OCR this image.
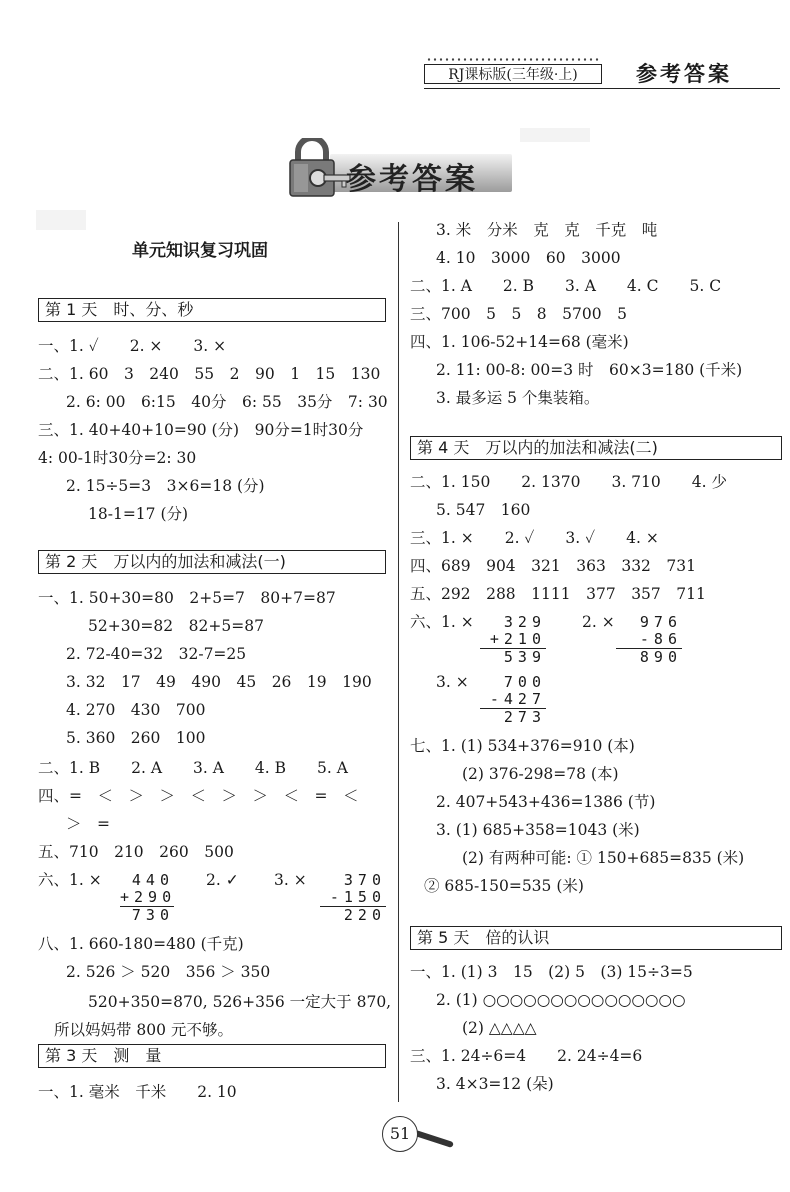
RJ课标版(三年级·上)	参考答案
参考答案
单元知识复习巩固
第 1 天　时、分、秒
一、1. ✓　　2. ×　　3. ×
二、1. 60　3　240　55　2　90　1　15　130
2. 6: 00　6:15　40分　6: 55　35分　7: 30
三、1. 40+40+10=90 (分)　90分=1时30分
4: 00-1时30分=2: 30
2. 15÷5=3　3×6=18 (分)
18-1=17 (分)
第 2 天　万以内的加法和减法(一)
一、1. 50+30=80　2+5=7　80+7=87
52+30=82　82+5=87
2. 72-40=32　32-7=25
3. 32　17　49　490　45　26　19　190
4. 270　430　700
5. 360　260　100
二、1. B　　2. A　　3. A　　4. B　　5. A
四、=　＜　＞　＞　＜　＞　＞　＜　=　＜
＞　=
五、710　210　260　500
六、1. ×	440
+290
730
2. ✓ 3. ×	370
-150
220
八、1. 660-180=480 (千克)
2. 526 ＞ 520　356 ＞ 350
520+350=870, 526+356 一定大于 870,
所以妈妈带 800 元不够。
第 3 天　测　量
一、1. 毫米　千米　　2. 10
3. 米　分米　克　克　千克　吨
4. 10　3000　60　3000
二、1. A　　2. B　　3. A　　4. C　　5. C
三、700　5　5　8　5700　5
四、1. 106-52+14=68 (毫米)
2. 11: 00-8: 00=3 时　60×3=180 (千米)
3. 最多运 5 个集装箱。
第 4 天　万以内的加法和减法(二)
二、1. 150　　2. 1370　　3. 710　　4. 少
5. 547　160
三、1. ×　　2. ✓　　3. ✓　　4. ×
四、689　904　321　363　332　731
五、292　288　1111　377　357　711
六、1. ×	329
+210
539
2. ×	976
-86
890
3. ×	700
-427
273
七、1. (1) 534+376=910 (本)
(2) 376-298=78 (本)
2. 407+543+436=1386 (节)
3. (1) 685+358=1043 (米)
(2) 有两种可能: ① 150+685=835 (米)
② 685-150=535 (米)
第 5 天　倍的认识
一、1. (1) 3　15　(2) 5　(3) 15÷3=5
2. (1) ○○○○○○○○○○○○○○○
(2) △△△△
三、1. 24÷6=4　　2. 24÷4=6
3. 4×3=12 (朵)
51
